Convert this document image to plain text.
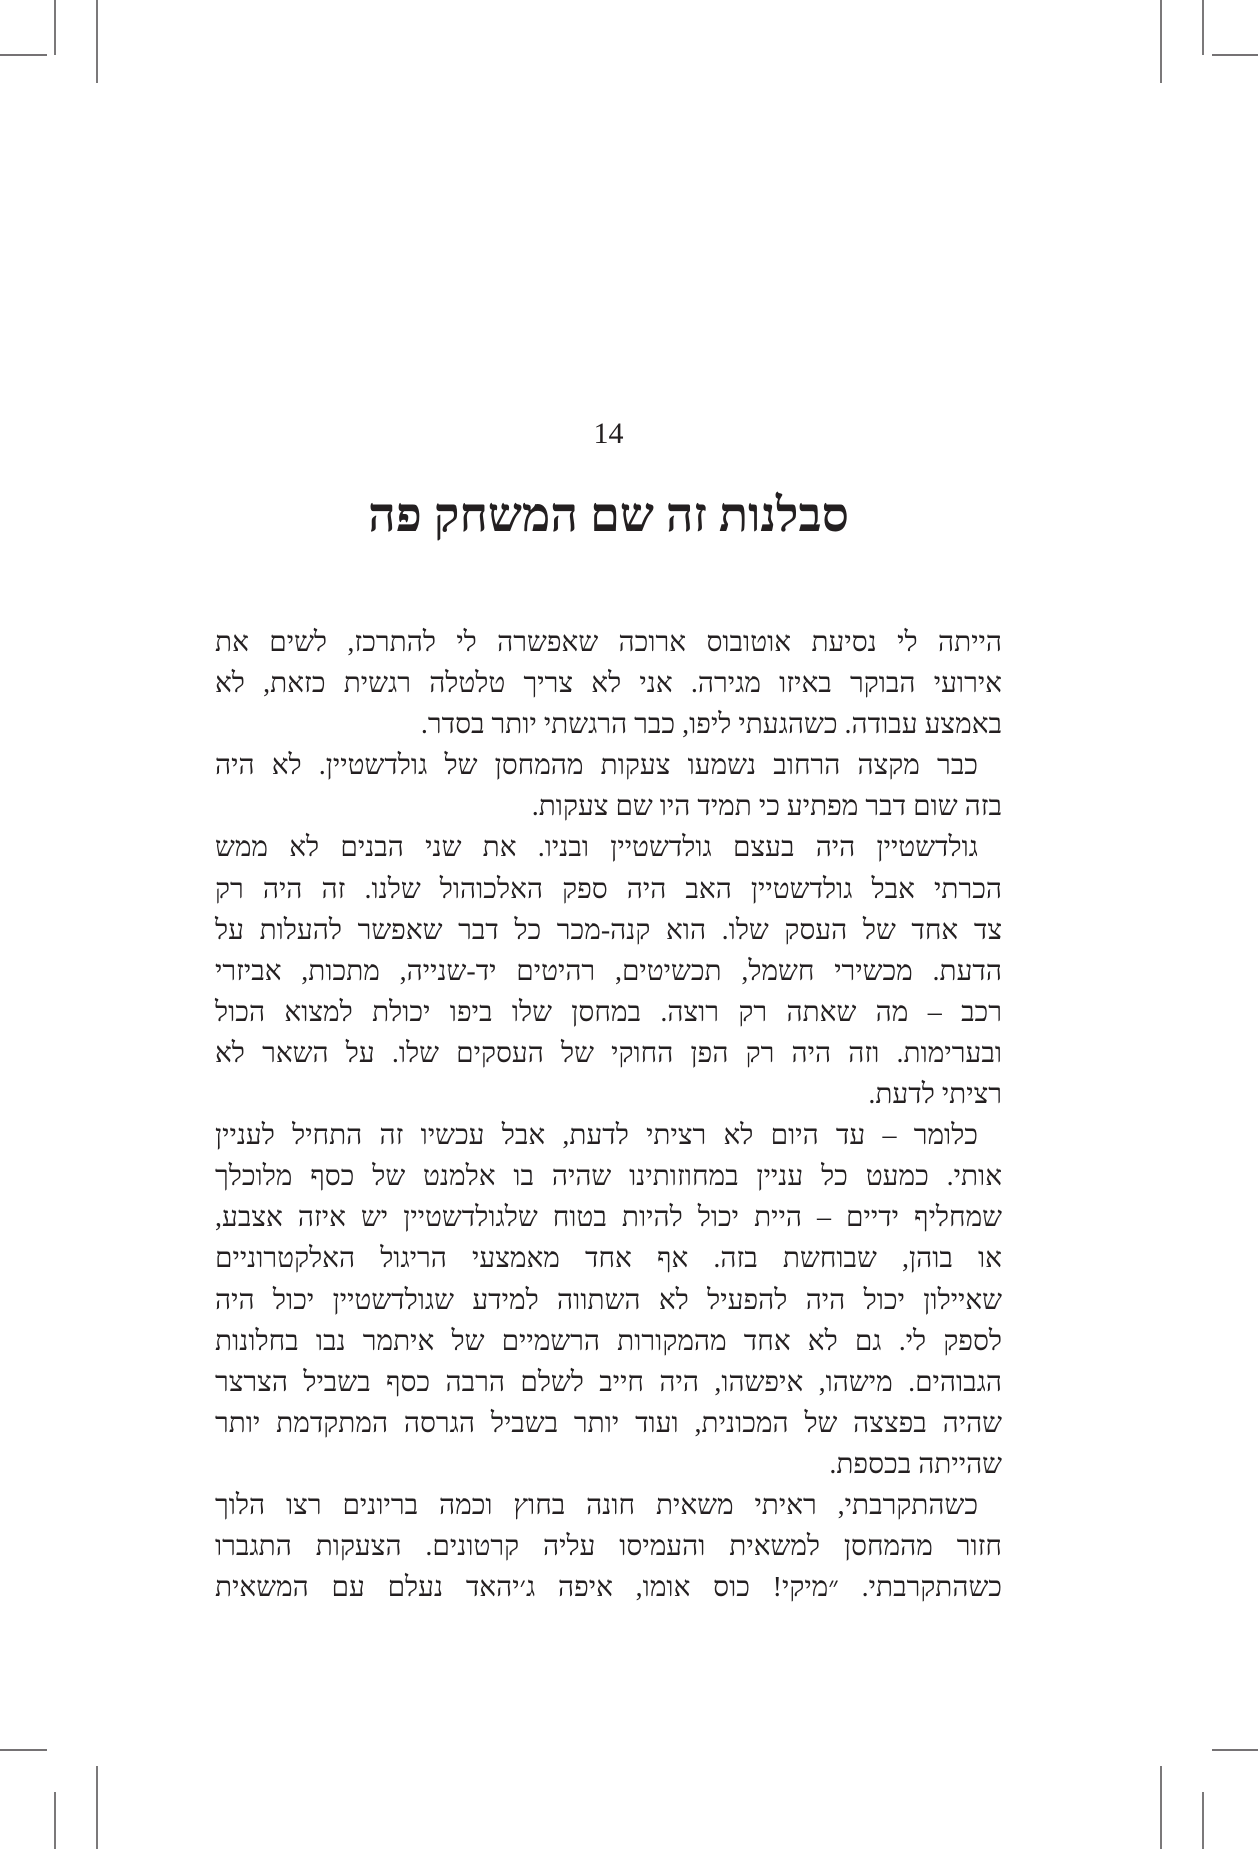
14
סבלנות זה שם המשחק פה
הייתה לי נסיעת אוטובוס ארוכה שאפשרה לי להתרכז, לשים את
אירועי הבוקר באיזו מגירה. אני לא צריך טלטלה רגשית כזאת, לא
באמצע עבודה. כשהגעתי ליפו, כבר הרגשתי יותר בסדר.
כבר מקצה הרחוב נשמעו צעקות מהמחסן של גולדשטיין. לא היה
בזה שום דבר מפתיע כי תמיד היו שם צעקות.
גולדשטיין היה בעצם גולדשטיין ובניו. את שני הבנים לא ממש
הכרתי אבל גולדשטיין האב היה ספק האלכוהול שלנו. זה היה רק
צד אחד של העסק שלו. הוא קנה-מכר כל דבר שאפשר להעלות על
הדעת. מכשירי חשמל, תכשיטים, רהיטים יד-שנייה, מתכות, אביזרי
רכב – מה שאתה רק רוצה. במחסן שלו ביפו יכולת למצוא הכול
ובערימות. וזה היה רק הפן החוקי של העסקים שלו. על השאר לא
רציתי לדעת.
כלומר – עד היום לא רציתי לדעת, אבל עכשיו זה התחיל לעניין
אותי. כמעט כל עניין במחוזותינו שהיה בו אלמנט של כסף מלוכלך
שמחליף ידיים – היית יכול להיות בטוח שלגולדשטיין יש איזה אצבע,
או בוהן, שבוחשת בזה. אף אחד מאמצעי הריגול האלקטרוניים
שאיילון יכול היה להפעיל לא השתווה למידע שגולדשטיין יכול היה
לספק לי. גם לא אחד מהמקורות הרשמיים של איתמר נבו בחלונות
הגבוהים. מישהו, איפשהו, היה חייב לשלם הרבה כסף בשביל הצרצר
שהיה בפצצה של המכונית, ועוד יותר בשביל הגרסה המתקדמת יותר
שהייתה בכספת.
כשהתקרבתי, ראיתי משאית חונה בחוץ וכמה בריונים רצו הלוך
חזור מהמחסן למשאית והעמיסו עליה קרטונים. הצעקות התגברו
כשהתקרבתי. ״מיקי! כוס אומו, איפה ג׳יהאד נעלם עם המשאית
